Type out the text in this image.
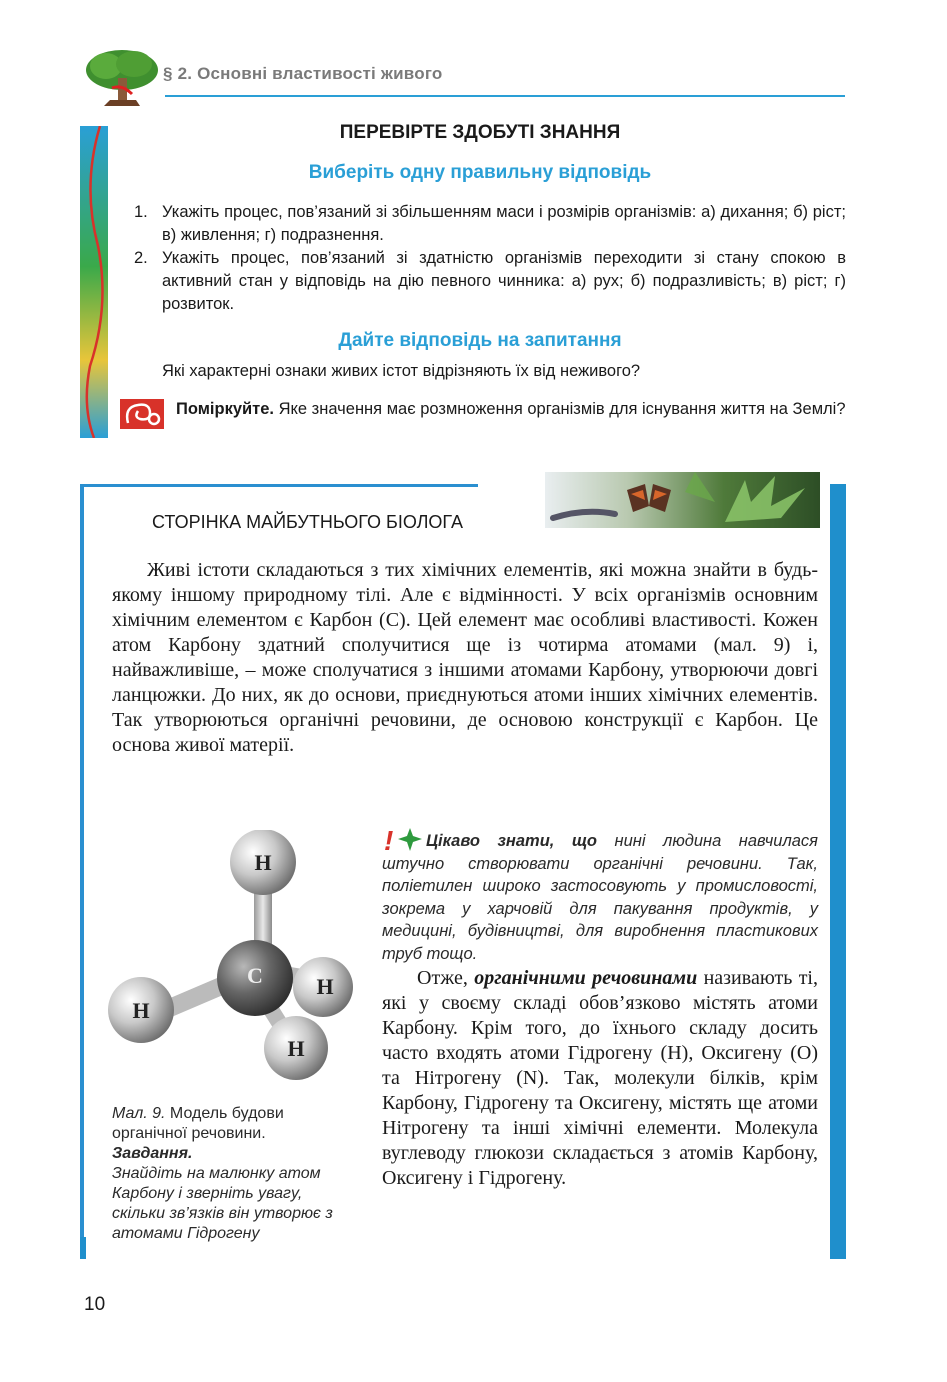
§ 2. Основні властивості живого
ПЕРЕВІРТЕ ЗДОБУТІ ЗНАННЯ
Виберіть одну правильну відповідь
1. Укажіть процес, пов’язаний зі збільшенням маси і розмірів організмів: а) дихання; б) ріст; в) живлення; г) подразнення.
2. Укажіть процес, пов’язаний зі здатністю організмів переходити зі стану спокою в активний стан у відповідь на дію певного чинника: а) рух; б) подразливість; в) ріст; г) розвиток.
Дайте відповідь на запитання
Які характерні ознаки живих істот відрізняють їх від неживого?
Поміркуйте. Яке значення має розмноження організмів для існування життя на Землі?
СТОРІНКА МАЙБУТНЬОГО БІОЛОГА
Живі істоти складаються з тих хімічних елементів, які можна знайти в будь-якому іншому природному тілі. Але є відмінності. У всіх організмів основним хімічним елементом є Карбон (С). Цей елемент має особливі властивості. Кожен атом Карбону здатний сполучитися ще із чотирма атомами (мал. 9) і, найважливіше, – може сполучатися з іншими атомами Карбону, утворюючи довгі ланцюжки. До них, як до основи, приєднуються атоми інших хімічних елементів. Так утворюються органічні речовини, де основою конструкції є Карбон. Це основа живої матерії.
H
H
C H
H
Мал. 9. Модель будови органічної речовини.
Завдання.
Знайдіть на малюнку атом Карбону і зверніть увагу, скільки зв’язків він утворює з атомами Гідрогену
! Цікаво знати, що нині людина навчилася штучно створювати органічні речовини. Так, поліетилен широко застосовують у промисловості, зокрема у харчовій для пакування продуктів, у медицині, будівництві, для виробнення пластикових труб тощо.
Отже, органічними речовинами називають ті, які у своєму складі обов’язково містять атоми Карбону. Крім того, до їхнього складу досить часто входять атоми Гідрогену (Н), Оксигену (О) та Нітрогену (N). Так, молекули білків, крім Карбону, Гідрогену та Оксигену, містять ще атоми Нітрогену та інші хімічні елементи. Молекула вуглеводу глюкози складається з атомів Карбону, Оксигену і Гідрогену.
10
